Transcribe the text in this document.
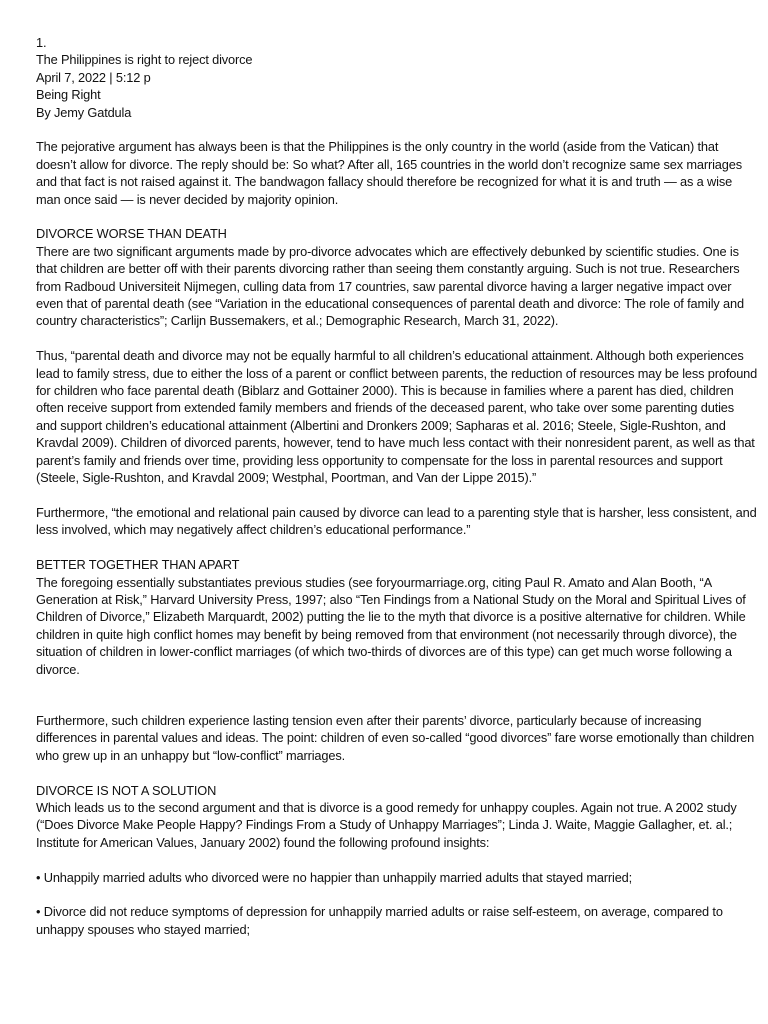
1.

The Philippines is right to reject divorce

April 7, 2022 | 5:12 p

Being Right

By Jemy Gatdula

The pejorative argument has always been is that the Philippines is the only country in the world (aside from the Vatican) that doesn’t allow for divorce. The reply should be: So what? After all, 165 countries in the world don’t recognize same sex marriages and that fact is not raised against it. The bandwagon fallacy should therefore be recognized for what it is and truth — as a wise man once said — is never decided by majority opinion.

DIVORCE WORSE THAN DEATH

There are two significant arguments made by pro-divorce advocates which are effectively debunked by scientific studies. One is that children are better off with their parents divorcing rather than seeing them constantly arguing. Such is not true. Researchers from Radboud Universiteit Nijmegen, culling data from 17 countries, saw parental divorce having a larger negative impact over even that of parental death (see “Variation in the educational consequences of parental death and divorce: The role of family and country characteristics”; Carlijn Bussemakers, et al.; Demographic Research, March 31, 2022).

Thus, “parental death and divorce may not be equally harmful to all children’s educational attainment. Although both experiences lead to family stress, due to either the loss of a parent or conflict between parents, the reduction of resources may be less profound for children who face parental death (Biblarz and Gottainer 2000). This is because in families where a parent has died, children often receive support from extended family members and friends of the deceased parent, who take over some parenting duties and support children’s educational attainment (Albertini and Dronkers 2009; Sapharas et al. 2016; Steele, Sigle-Rushton, and Kravdal 2009). Children of divorced parents, however, tend to have much less contact with their nonresident parent, as well as that parent’s family and friends over time, providing less opportunity to compensate for the loss in parental resources and support (Steele, Sigle-Rushton, and Kravdal 2009; Westphal, Poortman, and Van der Lippe 2015).”

Furthermore, “the emotional and relational pain caused by divorce can lead to a parenting style that is harsher, less consistent, and less involved, which may negatively affect children’s educational performance.”

BETTER TOGETHER THAN APART

The foregoing essentially substantiates previous studies (see foryourmarriage.org, citing Paul R. Amato and Alan Booth, “A Generation at Risk,” Harvard University Press, 1997; also “Ten Findings from a National Study on the Moral and Spiritual Lives of Children of Divorce,” Elizabeth Marquardt, 2002) putting the lie to the myth that divorce is a positive alternative for children. While children in quite high conflict homes may benefit by being removed from that environment (not necessarily through divorce), the situation of children in lower-conflict marriages (of which two-thirds of divorces are of this type) can get much worse following a divorce.

Furthermore, such children experience lasting tension even after their parents’ divorce, particularly because of increasing differences in parental values and ideas. The point: children of even so-called “good divorces” fare worse emotionally than children who grew up in an unhappy but “low-conflict” marriages.

DIVORCE IS NOT A SOLUTION

Which leads us to the second argument and that is divorce is a good remedy for unhappy couples. Again not true. A 2002 study (“Does Divorce Make People Happy? Findings From a Study of Unhappy Marriages”; Linda J. Waite, Maggie Gallagher, et. al.; Institute for American Values, January 2002) found the following profound insights:

• Unhappily married adults who divorced were no happier than unhappily married adults that stayed married;

• Divorce did not reduce symptoms of depression for unhappily married adults or raise self-esteem, on average, compared to unhappy spouses who stayed married;
